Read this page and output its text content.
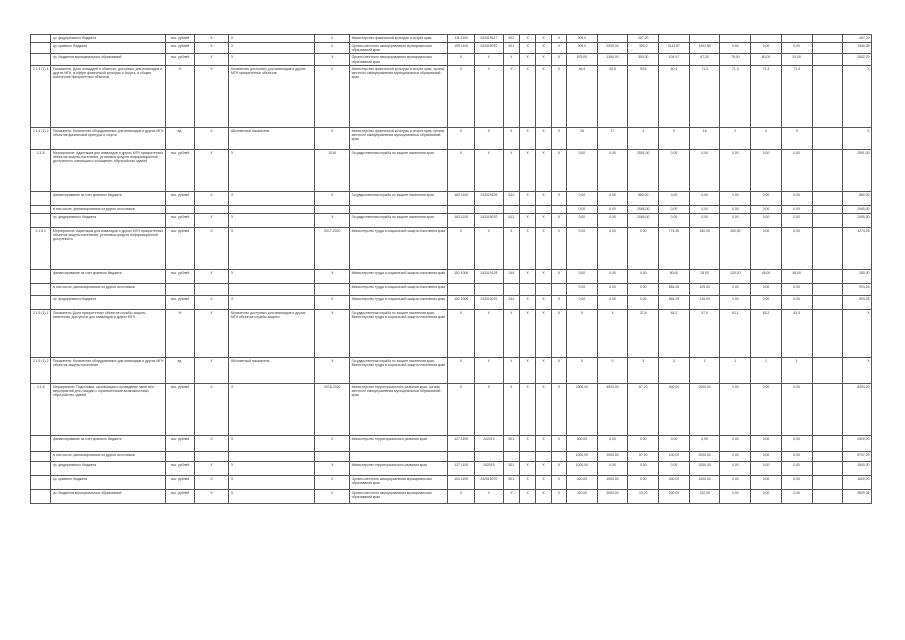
	ср. федерального бюджета	тыс. рублей	X	X	X	Министерство физической культуры и спорта края	111 1100	242019127	522	X	X	X	309,0		207,20							407,20
	ср. краевого бюджета	тыс. рублей	X	X	X	Органы местного самоуправления муниципальных образований края	109 1100	242019070	521	X	X	X	309,0	2000,00	300,0	2112,57	1402,80	0,00	0,00	0,00		1340,35
	ср. бюджетов муниципальных образований	тыс. рублей	X	X	X	Органы местного самоуправления муниципальных образований края	X	X	X	X	X	X	879,00	1390,00	300,00	104,97	67,20	79,00	80,00	91,00		2652,20
2.1.4 (1)-1	Показатель: Доля площадей в объектах, доступных для инвалидов и других МГН, в сфере физической культуры и спорта, в общем количестве приоритетных объектов	%	X	Количество доступных для инвалидов и других МГН приоритетных объектов	X	Министерство физической культуры и спорта края, органы местного самоуправления муниципальных образований края	X	X	X	X	X	X	46,4	49,8	53,6	60,4	71,3	71,3	71,3	71,3		X
2.1.4 (1)-2	Показатель: Количество оборудованных для инвалидов и других МГН объектов физической культуры и спорта	ед.	X	Абсолютный показатель	X	Министерство физической культуры и спорта края, органы местного самоуправления муниципальных образований края	X	X	X	X	X	X	18	17	4	9	16	2	4	3		X
2.1.5	Мероприятие: Адаптация для инвалидов и других МГН приоритетных объектов защиты населения, установка средств информационной доступности, навигация и оснащение, обустройство зданий	тыс. рублей	X	X	2016	Государственная служба по защите населения края	X	X	X	X	X	X	0,00	0,00	2591,00	0,00	0,00	0,00	0,00	0,00		2591,00
	финансирование за счет краевого бюджета	тыс. рублей	X	X	X	Государственная служба по защите населения края	163 1100	242019129	612	X	X	X	0,00	0,00	880,00	0,00	0,00	0,00	0,00	0,00		880,00
	в том числе, финансирование из других источников												0,00	0,00	2065,00	0,00	0,00	0,00	0,00	0,00		2065,00
	ср. федерального бюджета	тыс. рублей	X	X	X	Государственная служба по защите населения края	163 1100	242019070	612	X	X	X	0,00	0,00	2065,00	0,00	0,00	0,00	0,00	0,00		2065,00
2.1.5.1	Мероприятие: Адаптация для инвалидов и других МГН приоритетных объектов защиты населения, установка средств информационной доступности	тыс. рублей	X	X	2017-2020	Министерство труда и социальной защиты населения края	X	X	X	X	X	X	0,00	0,00	0,00	774,25	150,00	150,00	0,00	0,00		1274,25
	финансирование за счет краевого бюджета	тыс. рублей	X	X	X	Министерство труда и социальной защиты населения края	152 1006	242019129	244	X	X	X	0,00	0,00	0,00	50,00	25,00	125,00	45,00	45,00		280,00
	в том числе, финансирование из других источников					Министерство труда и социальной защиты населения края							0,00	0,00	0,00	664,25	125,00	0,00	0,00	0,00		993,25
	ср. федерального бюджета	тыс. рублей	X	X	X	Министерство труда и социальной защиты населения края	152 1006	242019070	244	X	X	X	0,00	0,00	0,00	664,25	125,00	0,00	0,00	0,00		993,25
2.1.5 (1)-1	Показатель: Доля приоритетных объектов службы защиты населения, доступных для инвалидов и других МГН	%	X	Количество доступных для инвалидов и других МГН объектов службы защиты	X	Государственная служба по защите населения края, Министерство труда и социальной защиты населения края	X	X	X	X	X	X	X	X	37,5	45,2	57,0	63,1	63,2	63,5		X
2.1.5 (1)-2	Показатель: Количество оборудованных для инвалидов и других МГН объектов защиты населения	ед.	X	Абсолютный показатель	X	Государственная служба по защите населения края, Министерство труда и социальной защиты населения края	X	X	X	X	X	X	0	0	3	3	1	1	1	1		X
2.1.6	Мероприятие: Подготовка, организация и проведение занятий и мероприятий для граждан с ограниченными возможностями, обустройство зданий	тыс. рублей	X	X	2016-2020	Министерство территориального развития края, органы местного самоуправления муниципальных образований края	X	X	X	X	X	X	2300,00	4000,00	67,20	400,00	2000,00	0,00	0,00	0,00		8493,20
	финансирование за счет краевого бюджета	тыс. рублей	X	X	X	Министерство территориального развития края	127 1100	242019	521	X	X	X	500,00	0,00	0,00	0,00	0,00	0,00	0,00	0,00		2500,00
	в том числе, финансирование из других источников												1000,00	2000,00	67,20	100,00	2000,00	0,00	0,00	0,00		5707,29
	ср. федерального бюджета	тыс. рублей	X	X	X	Министерство территориального развития края	127 1100	242019	521	X	X	X	1000,00	0,00	0,00	0,00	1000,00	0,00	0,00	0,00		1500,00
	ср. краевого бюджета	тыс. рублей	X	X	X	Органы местного самоуправления муниципальных образований края	104 1100	242019070	521	X	X	X	420,00	1000,00	0,00	400,00	1000,00	0,00	0,00	0,00		1600,00
	ср. бюджетов муниципальных образований	тыс. рублей	X	X	X	Органы местного самоуправления муниципальных образований края	X	X	X	X	X	X	420,00	2000,00	19,20	200,00	120,00	0,00	0,00	0,00		2809,36
